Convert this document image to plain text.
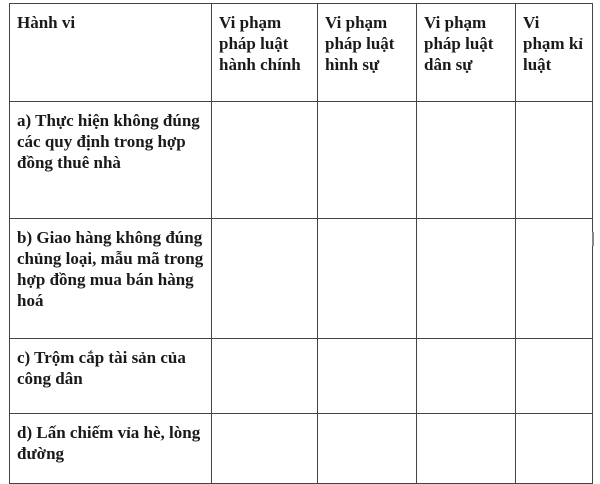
Hành vi	Vi phạm pháp luật hành chính	Vi phạm pháp luật hình sự	Vi phạm pháp luật dân sự	Vi phạm kỉ luật
a) Thực hiện không đúng các quy định trong hợp đồng thuê nhà				
b) Giao hàng không đúng chủng loại, mẫu mã trong hợp đồng mua bán hàng hoá				
c) Trộm cắp tài sản của công dân				
d) Lấn chiếm vỉa hè, lòng đường				
